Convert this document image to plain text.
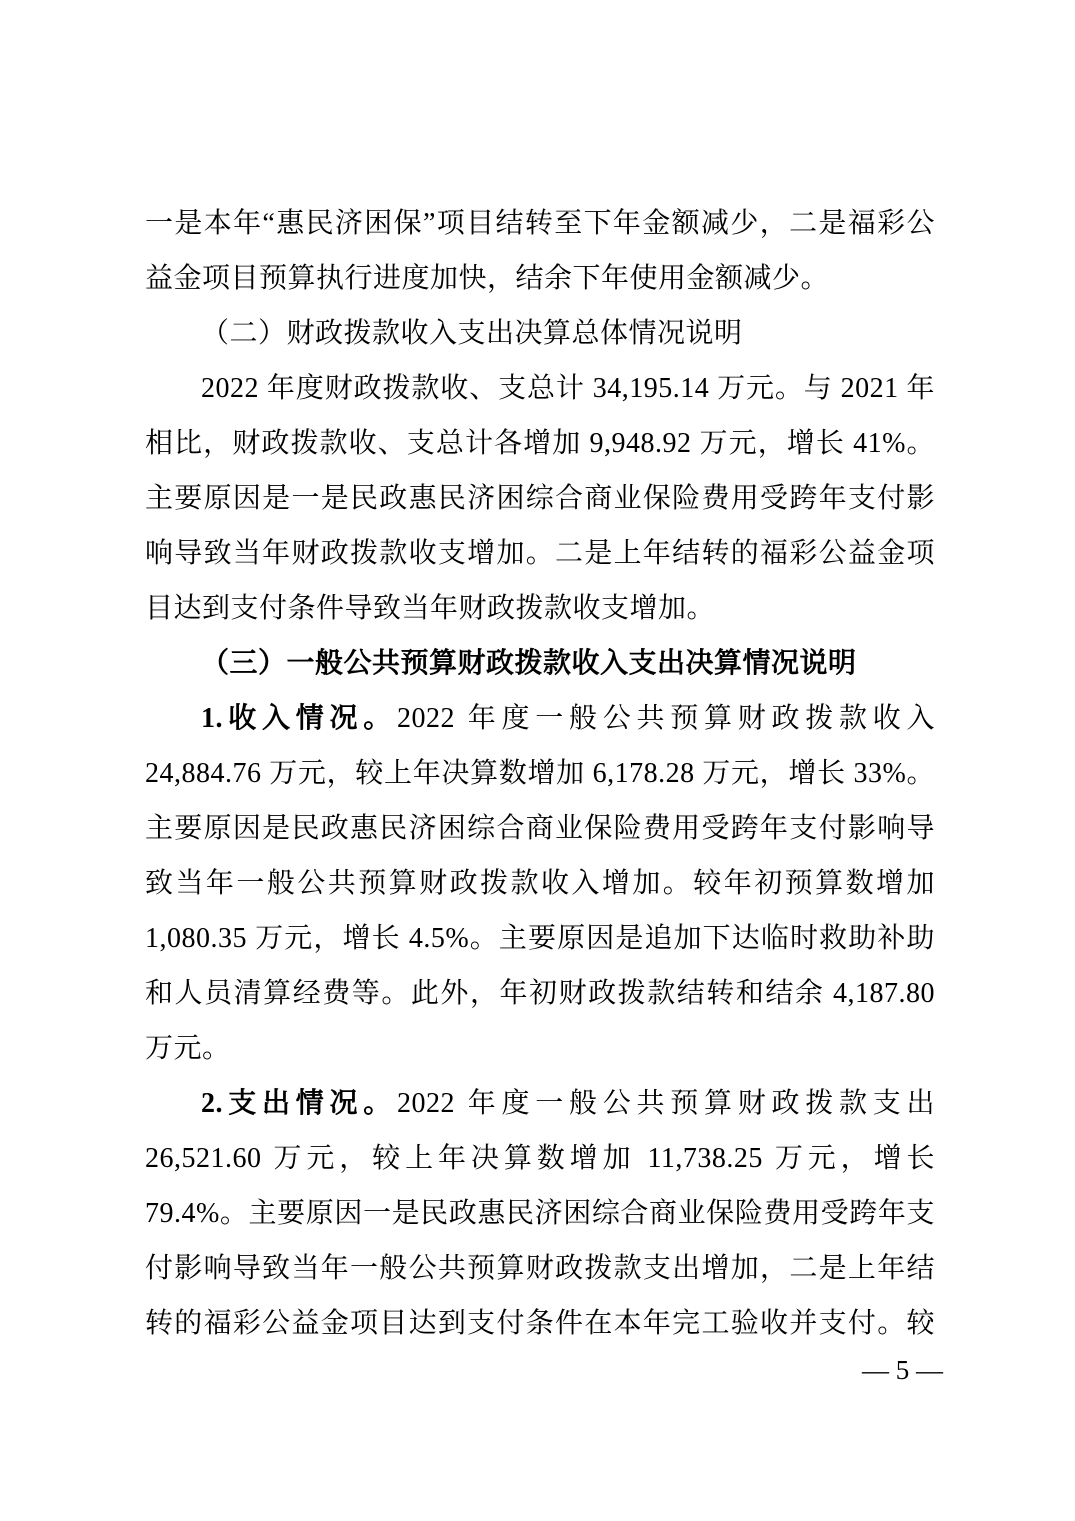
一是本年“惠民济困保”项目结转至下年金额减少，二是福彩公
益金项目预算执行进度加快，结余下年使用金额减少。
（二）财政拨款收入支出决算总体情况说明
2022 年度财政拨款收、支总计 34,195.14 万元。与 2021 年
相比，财政拨款收、支总计各增加 9,948.92 万元，增长 41%。
主要原因是一是民政惠民济困综合商业保险费用受跨年支付影
响导致当年财政拨款收支增加。二是上年结转的福彩公益金项
目达到支付条件导致当年财政拨款收支增加。
（三）一般公共预算财政拨款收入支出决算情况说明
1.收入情况。2022 年度一般公共预算财政拨款收入
24,884.76 万元，较上年决算数增加 6,178.28 万元，增长 33%。
主要原因是民政惠民济困综合商业保险费用受跨年支付影响导
致当年一般公共预算财政拨款收入增加。较年初预算数增加
1,080.35 万元，增长 4.5%。主要原因是追加下达临时救助补助
和人员清算经费等。此外，年初财政拨款结转和结余 4,187.80
万元。
2.支出情况。2022 年度一般公共预算财政拨款支出
26,521.60 万元，较上年决算数增加 11,738.25 万元，增长
79.4%。主要原因一是民政惠民济困综合商业保险费用受跨年支
付影响导致当年一般公共预算财政拨款支出增加，二是上年结
转的福彩公益金项目达到支付条件在本年完工验收并支付。较
— 5 —
